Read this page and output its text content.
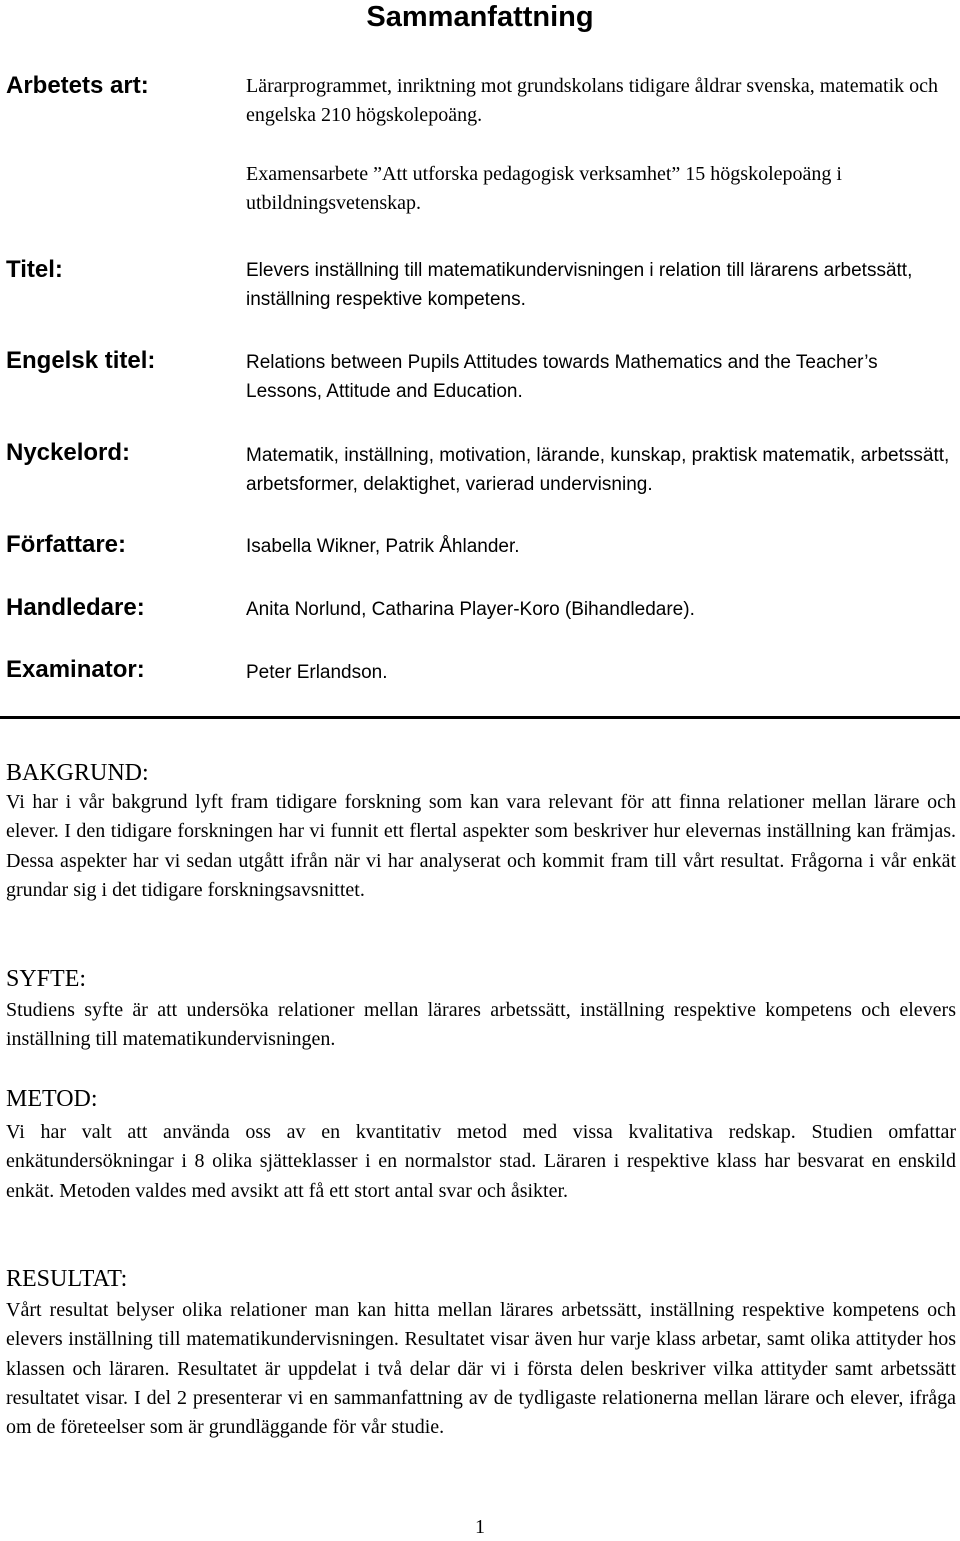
Sammanfattning
Arbetets art:	Lärarprogrammet, inriktning mot grundskolans tidigare åldrar svenska, matematik och engelska 210 högskolepoäng.
Examensarbete ”Att utforska pedagogisk verksamhet” 15 högskolepoäng i utbildningsvetenskap.
Titel:	Elevers inställning till matematikundervisningen i relation till lärarens arbetssätt, inställning respektive kompetens.
Engelsk titel:	Relations between Pupils Attitudes towards Mathematics and the Teacher’s Lessons, Attitude and Education.
Nyckelord:	Matematik, inställning, motivation, lärande, kunskap, praktisk matematik, arbetssätt, arbetsformer, delaktighet, varierad undervisning.
Författare:	Isabella Wikner, Patrik Åhlander.
Handledare:	Anita Norlund, Catharina Player-Koro (Bihandledare).
Examinator:	Peter Erlandson.
BAKGRUND:
Vi har i vår bakgrund lyft fram tidigare forskning som kan vara relevant för att finna relationer mellan lärare och elever. I den tidigare forskningen har vi funnit ett flertal aspekter som beskriver hur elevernas inställning kan främjas. Dessa aspekter har vi sedan utgått ifrån när vi har analyserat och kommit fram till vårt resultat. Frågorna i vår enkät grundar sig i det tidigare forskningsavsnittet.
SYFTE:
Studiens syfte är att undersöka relationer mellan lärares arbetssätt, inställning respektive kompetens och elevers inställning till matematikundervisningen.
METOD:
Vi har valt att använda oss av en kvantitativ metod med vissa kvalitativa redskap. Studien omfattar enkätundersökningar i 8 olika sjätteklasser i en normalstor stad. Läraren i respektive klass har besvarat en enskild enkät. Metoden valdes med avsikt att få ett stort antal svar och åsikter.
RESULTAT:
Vårt resultat belyser olika relationer man kan hitta mellan lärares arbetssätt, inställning respektive kompetens och elevers inställning till matematikundervisningen. Resultatet visar även hur varje klass arbetar, samt olika attityder hos klassen och läraren. Resultatet är uppdelat i två delar där vi i första delen beskriver vilka attityder samt arbetssätt resultatet visar. I del 2 presenterar vi en sammanfattning av de tydligaste relationerna mellan lärare och elever, ifråga om de företeelser som är grundläggande för vår studie.
1
